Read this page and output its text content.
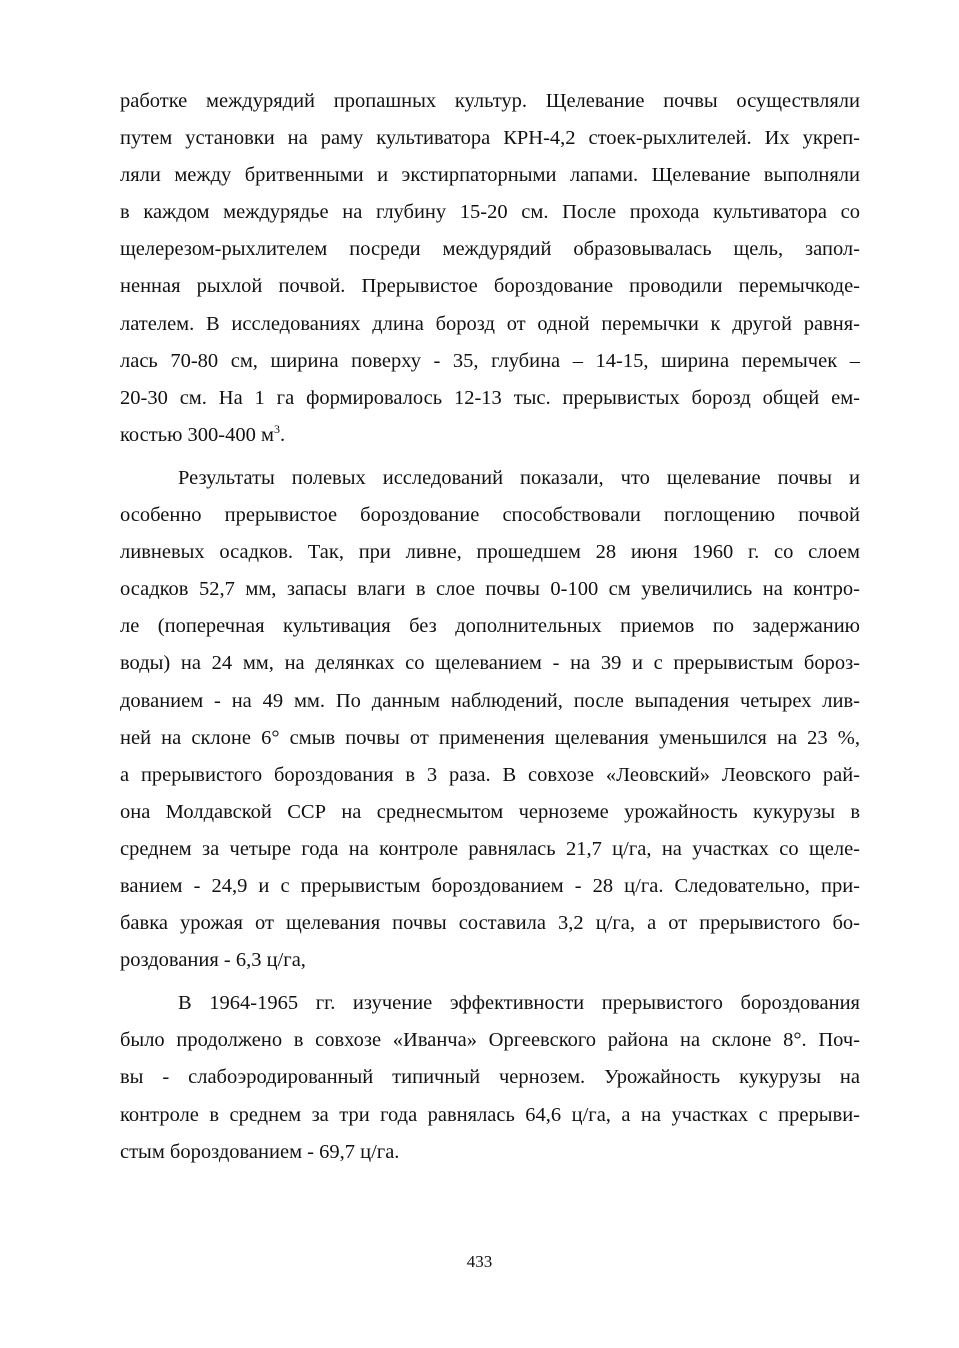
работке междурядий пропашных культур. Щелевание почвы осуществляли
путем установки на раму культиватора КРН-4,2 стоек-рыхлителей. Их укреп-
ляли между бритвенными и экстирпаторными лапами. Щелевание выполняли
в каждом междурядье на глубину 15-20 см. После прохода культиватора со
щелерезом-рыхлителем посреди междурядий образовывалась щель, запол-
ненная рыхлой почвой. Прерывистое бороздование проводили перемычкоде-
лателем. В исследованиях длина борозд от одной перемычки к другой равня-
лась 70-80 см, ширина поверху - 35, глубина – 14-15, ширина перемычек –
20-30 см. На 1 га формировалось 12-13 тыс. прерывистых борозд общей ем-
костью 300-400 $м^3$.
Результаты полевых исследований показали, что щелевание почвы и
особенно прерывистое бороздование способствовали поглощению почвой
ливневых осадков. Так, при ливне, прошедшем 28 июня 1960 г. со слоем
осадков 52,7 мм, запасы влаги в слое почвы 0-100 см увеличились на контро-
ле (поперечная культивация без дополнительных приемов по задержанию
воды) на 24 мм, на делянках со щелеванием - на 39 и с прерывистым бороз-
дованием - на 49 мм. По данным наблюдений, после выпадения четырех лив-
ней на склоне 6° смыв почвы от применения щелевания уменьшился на 23 %,
а прерывистого бороздования в 3 раза. В совхозе «Леовский» Леовского рай-
она Молдавской ССР на среднесмытом черноземе урожайность кукурузы в
среднем за четыре года на контроле равнялась 21,7 ц/га, на участках со щеле-
ванием - 24,9 и с прерывистым бороздованием - 28 ц/га. Следовательно, при-
бавка урожая от щелевания почвы составила 3,2 ц/га, а от прерывистого бо-
роздования - 6,3 ц/га,
В 1964-1965 гг. изучение эффективности прерывистого бороздования
было продолжено в совхозе «Иванча» Оргеевского района на склоне 8°. Поч-
вы - слабоэродированный типичный чернозем. Урожайность кукурузы на
контроле в среднем за три года равнялась 64,6 ц/га, а на участках с прерыви-
стым бороздованием - 69,7 ц/га.
433
